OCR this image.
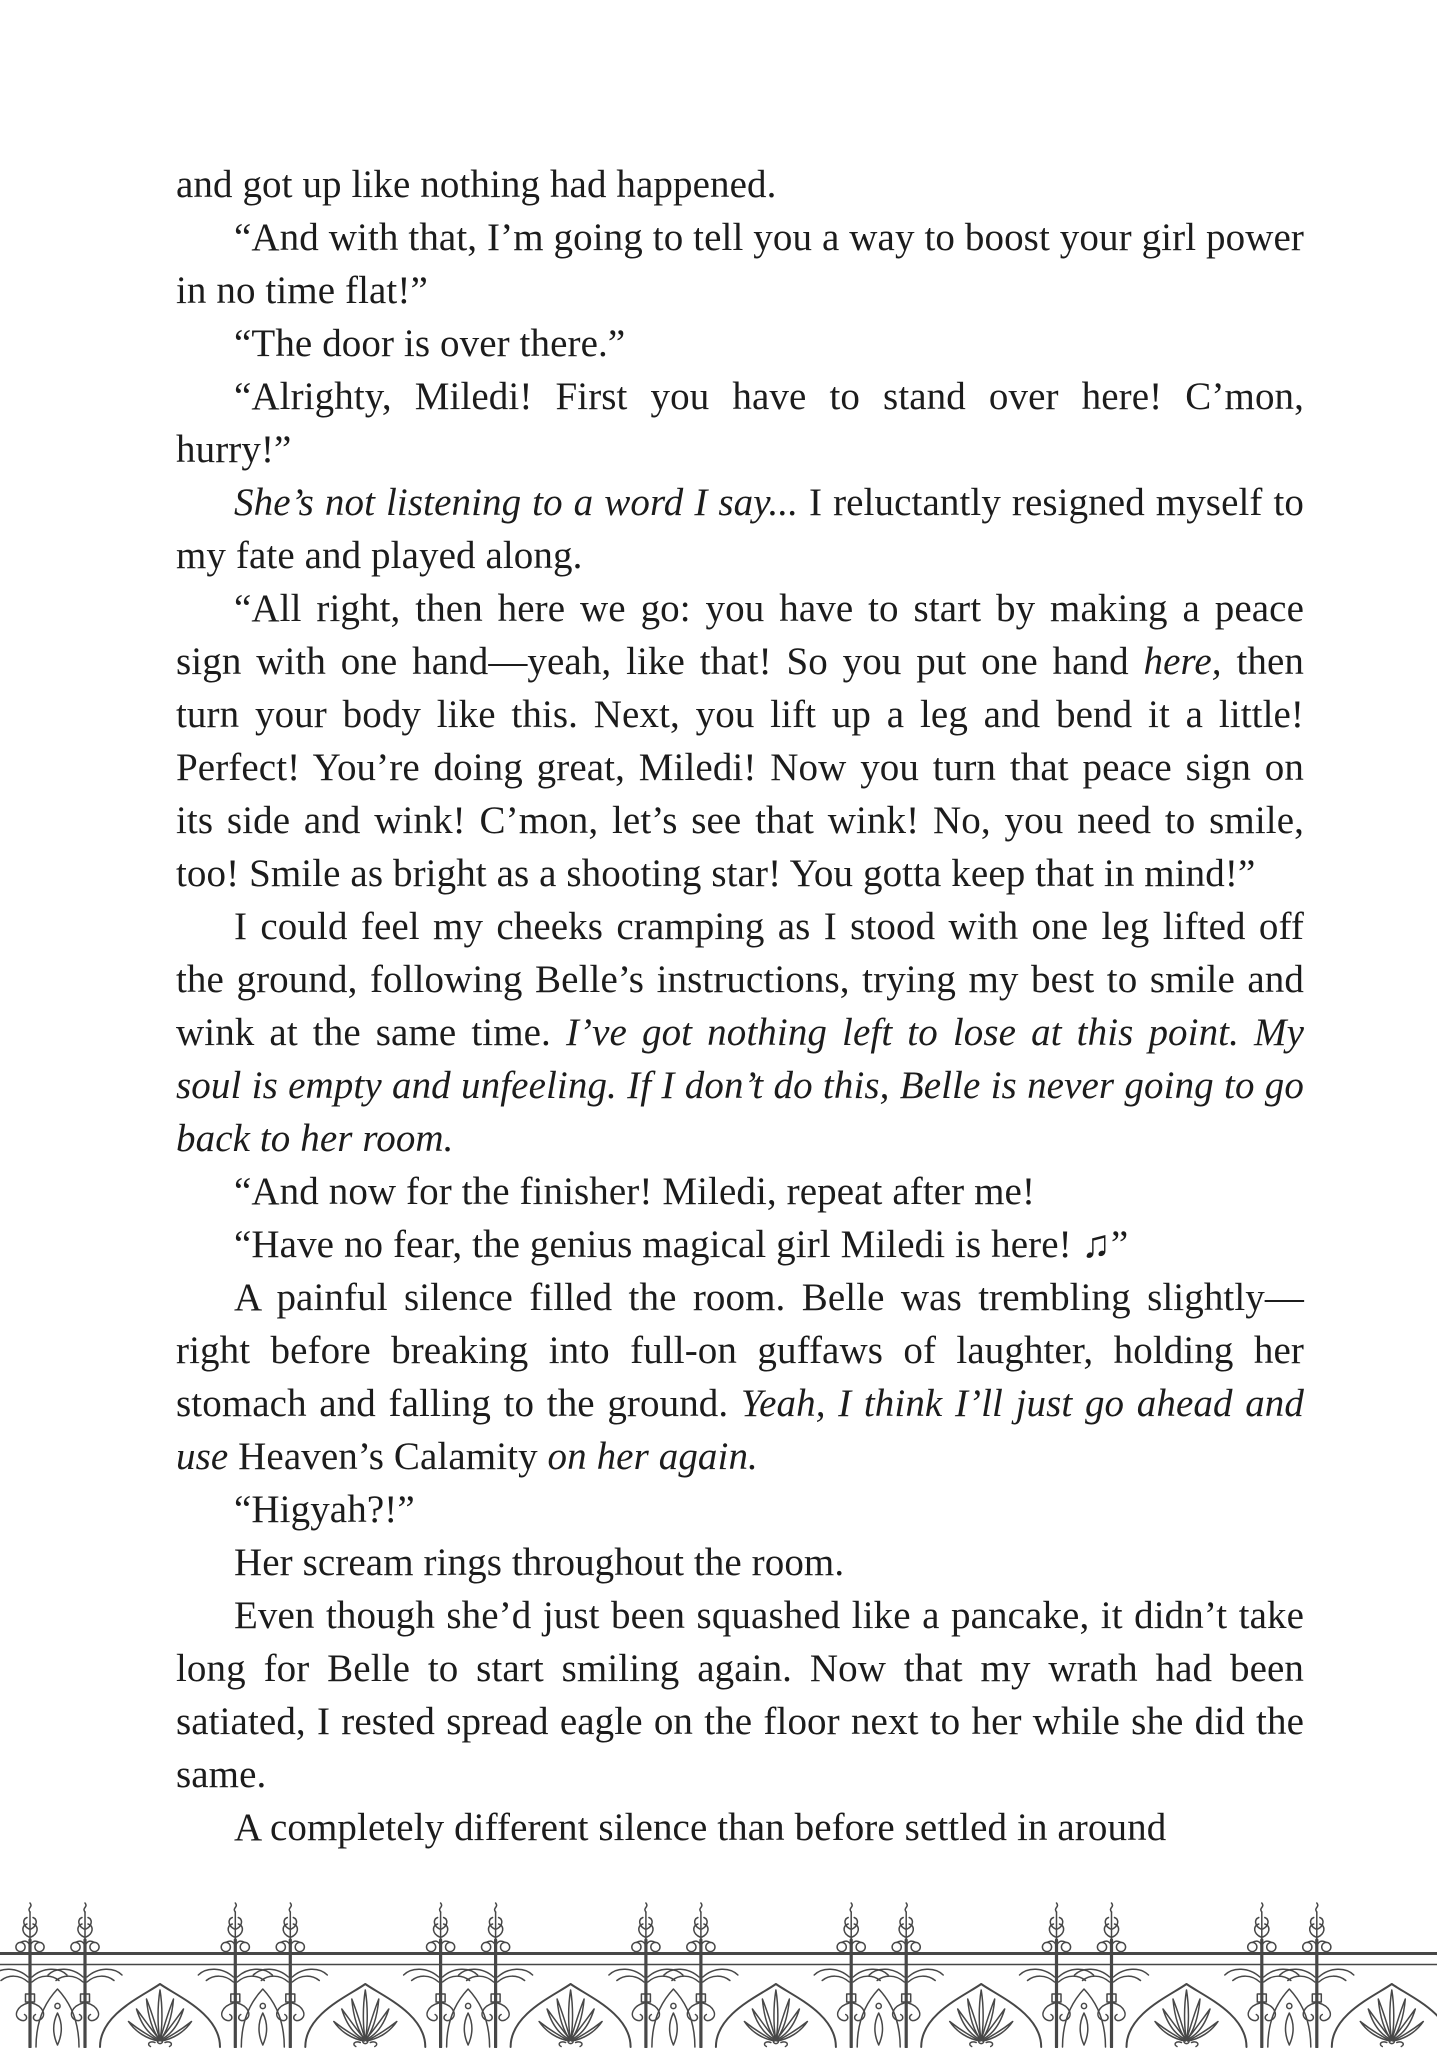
and got up like nothing had happened.

“And with that, I’m going to tell you a way to boost your girl power in no time flat!”

“The door is over there.”

“Alrighty, Miledi! First you have to stand over here! C’mon, hurry!”

She’s not listening to a word I say... I reluctantly resigned myself to my fate and played along.

“All right, then here we go: you have to start by making a peace sign with one hand—yeah, like that! So you put one hand here, then turn your body like this. Next, you lift up a leg and bend it a little! Perfect! You’re doing great, Miledi! Now you turn that peace sign on its side and wink! C’mon, let’s see that wink! No, you need to smile, too! Smile as bright as a shooting star! You gotta keep that in mind!”

I could feel my cheeks cramping as I stood with one leg lifted off the ground, following Belle’s instructions, trying my best to smile and wink at the same time. I’ve got nothing left to lose at this point. My soul is empty and unfeeling. If I don’t do this, Belle is never going to go back to her room.

“And now for the finisher! Miledi, repeat after me!

“Have no fear, the genius magical girl Miledi is here! ♫”

A painful silence filled the room. Belle was trembling slightly—right before breaking into full-on guffaws of laughter, holding her stomach and falling to the ground. Yeah, I think I’ll just go ahead and use Heaven’s Calamity on her again.

“Higyah?!”

Her scream rings throughout the room.

Even though she’d just been squashed like a pancake, it didn’t take long for Belle to start smiling again. Now that my wrath had been satiated, I rested spread eagle on the floor next to her while she did the same.

A completely different silence than before settled in around
